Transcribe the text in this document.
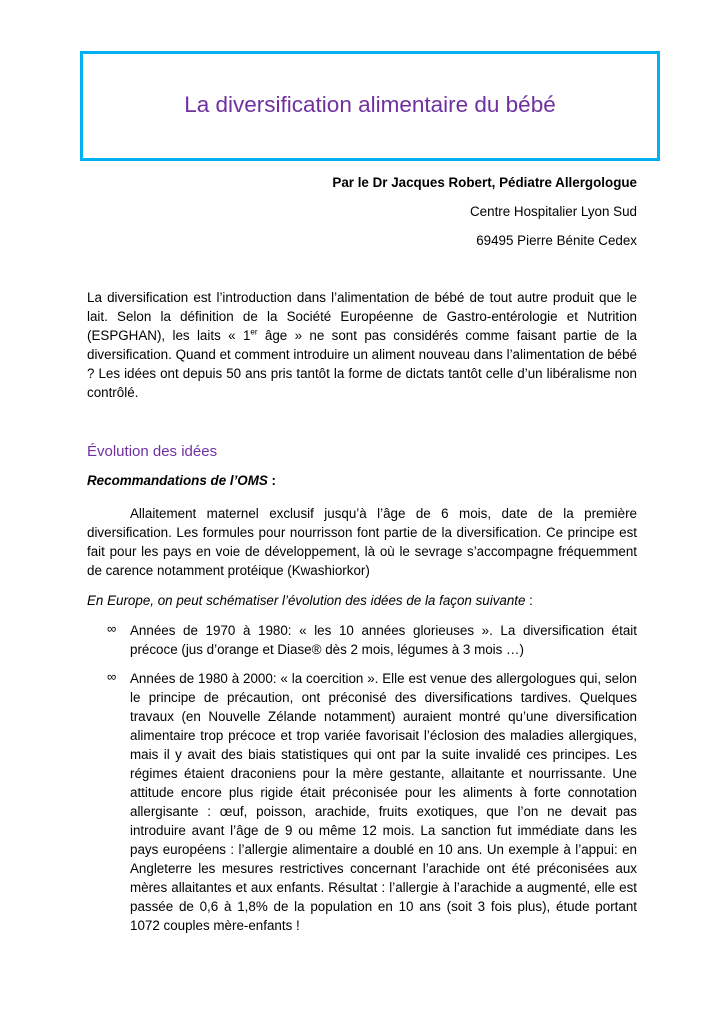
La diversification alimentaire du bébé
Par le Dr Jacques Robert, Pédiatre Allergologue
Centre Hospitalier Lyon Sud
69495 Pierre Bénite Cedex

La diversification est l’introduction dans l’alimentation de bébé de tout autre produit que le lait. Selon la définition de la Société Européenne de Gastro-entérologie et Nutrition (ESPGHAN), les laits « 1er âge » ne sont pas considérés comme faisant partie de la diversification. Quand et comment introduire un aliment nouveau dans l’alimentation de bébé ? Les idées ont depuis 50 ans pris tantôt la forme de dictats tantôt celle d’un libéralisme non contrôlé.

Évolution des idées

Recommandations de l’OMS :

Allaitement maternel exclusif jusqu’à l’âge de 6 mois, date de la première diversification. Les formules pour nourrisson font partie de la diversification. Ce principe est fait pour les pays en voie de développement, là où le sevrage s’accompagne fréquemment de carence notamment protéique (Kwashiorkor)

En Europe, on peut schématiser l’évolution des idées de la façon suivante :

∞ Années de 1970 à 1980: « les 10 années glorieuses ». La diversification était précoce (jus d’orange et Diase® dès 2 mois, légumes à 3 mois …)
∞ Années de 1980 à 2000: « la coercition ». Elle est venue des allergologues qui, selon le principe de précaution, ont préconisé des diversifications tardives. Quelques travaux (en Nouvelle Zélande notamment) auraient montré qu’une diversification alimentaire trop précoce et trop variée favorisait l’éclosion des maladies allergiques, mais il y avait des biais statistiques qui ont par la suite invalidé ces principes. Les régimes étaient draconiens pour la mère gestante, allaitante et nourrissante. Une attitude encore plus rigide était préconisée pour les aliments à forte connotation allergisante : œuf, poisson, arachide, fruits exotiques, que l’on ne devait pas introduire avant l’âge de 9 ou même 12 mois. La sanction fut immédiate dans les pays européens : l’allergie alimentaire a doublé en 10 ans. Un exemple à l’appui: en Angleterre les mesures restrictives concernant l’arachide ont été préconisées aux mères allaitantes et aux enfants. Résultat : l’allergie à l’arachide a augmenté, elle est passée de 0,6 à 1,8% de la population en 10 ans (soit 3 fois plus), étude portant 1072 couples mère-enfants !
